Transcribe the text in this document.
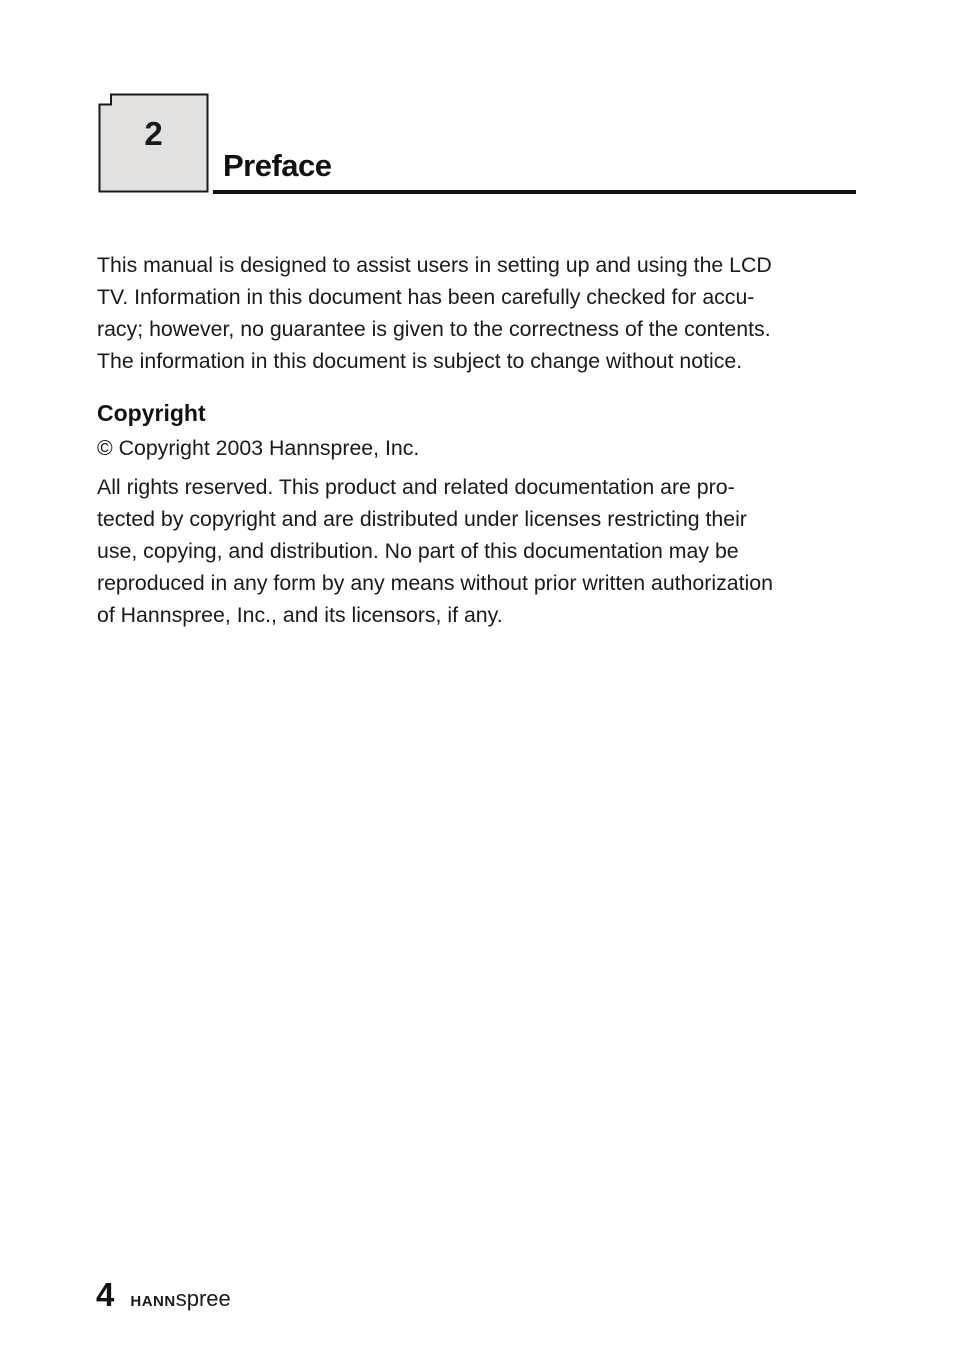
2
Preface

This manual is designed to assist users in setting up and using the LCD
TV. Information in this document has been carefully checked for accu-
racy; however, no guarantee is given to the correctness of the contents.
The information in this document is subject to change without notice.

Copyright

© Copyright 2003 Hannspree, Inc.

All rights reserved. This product and related documentation are pro-
tected by copyright and are distributed under licenses restricting their
use, copying, and distribution. No part of this documentation may be
reproduced in any form by any means without prior written authorization
of Hannspree, Inc., and its licensors, if any.

4 HANNspree
